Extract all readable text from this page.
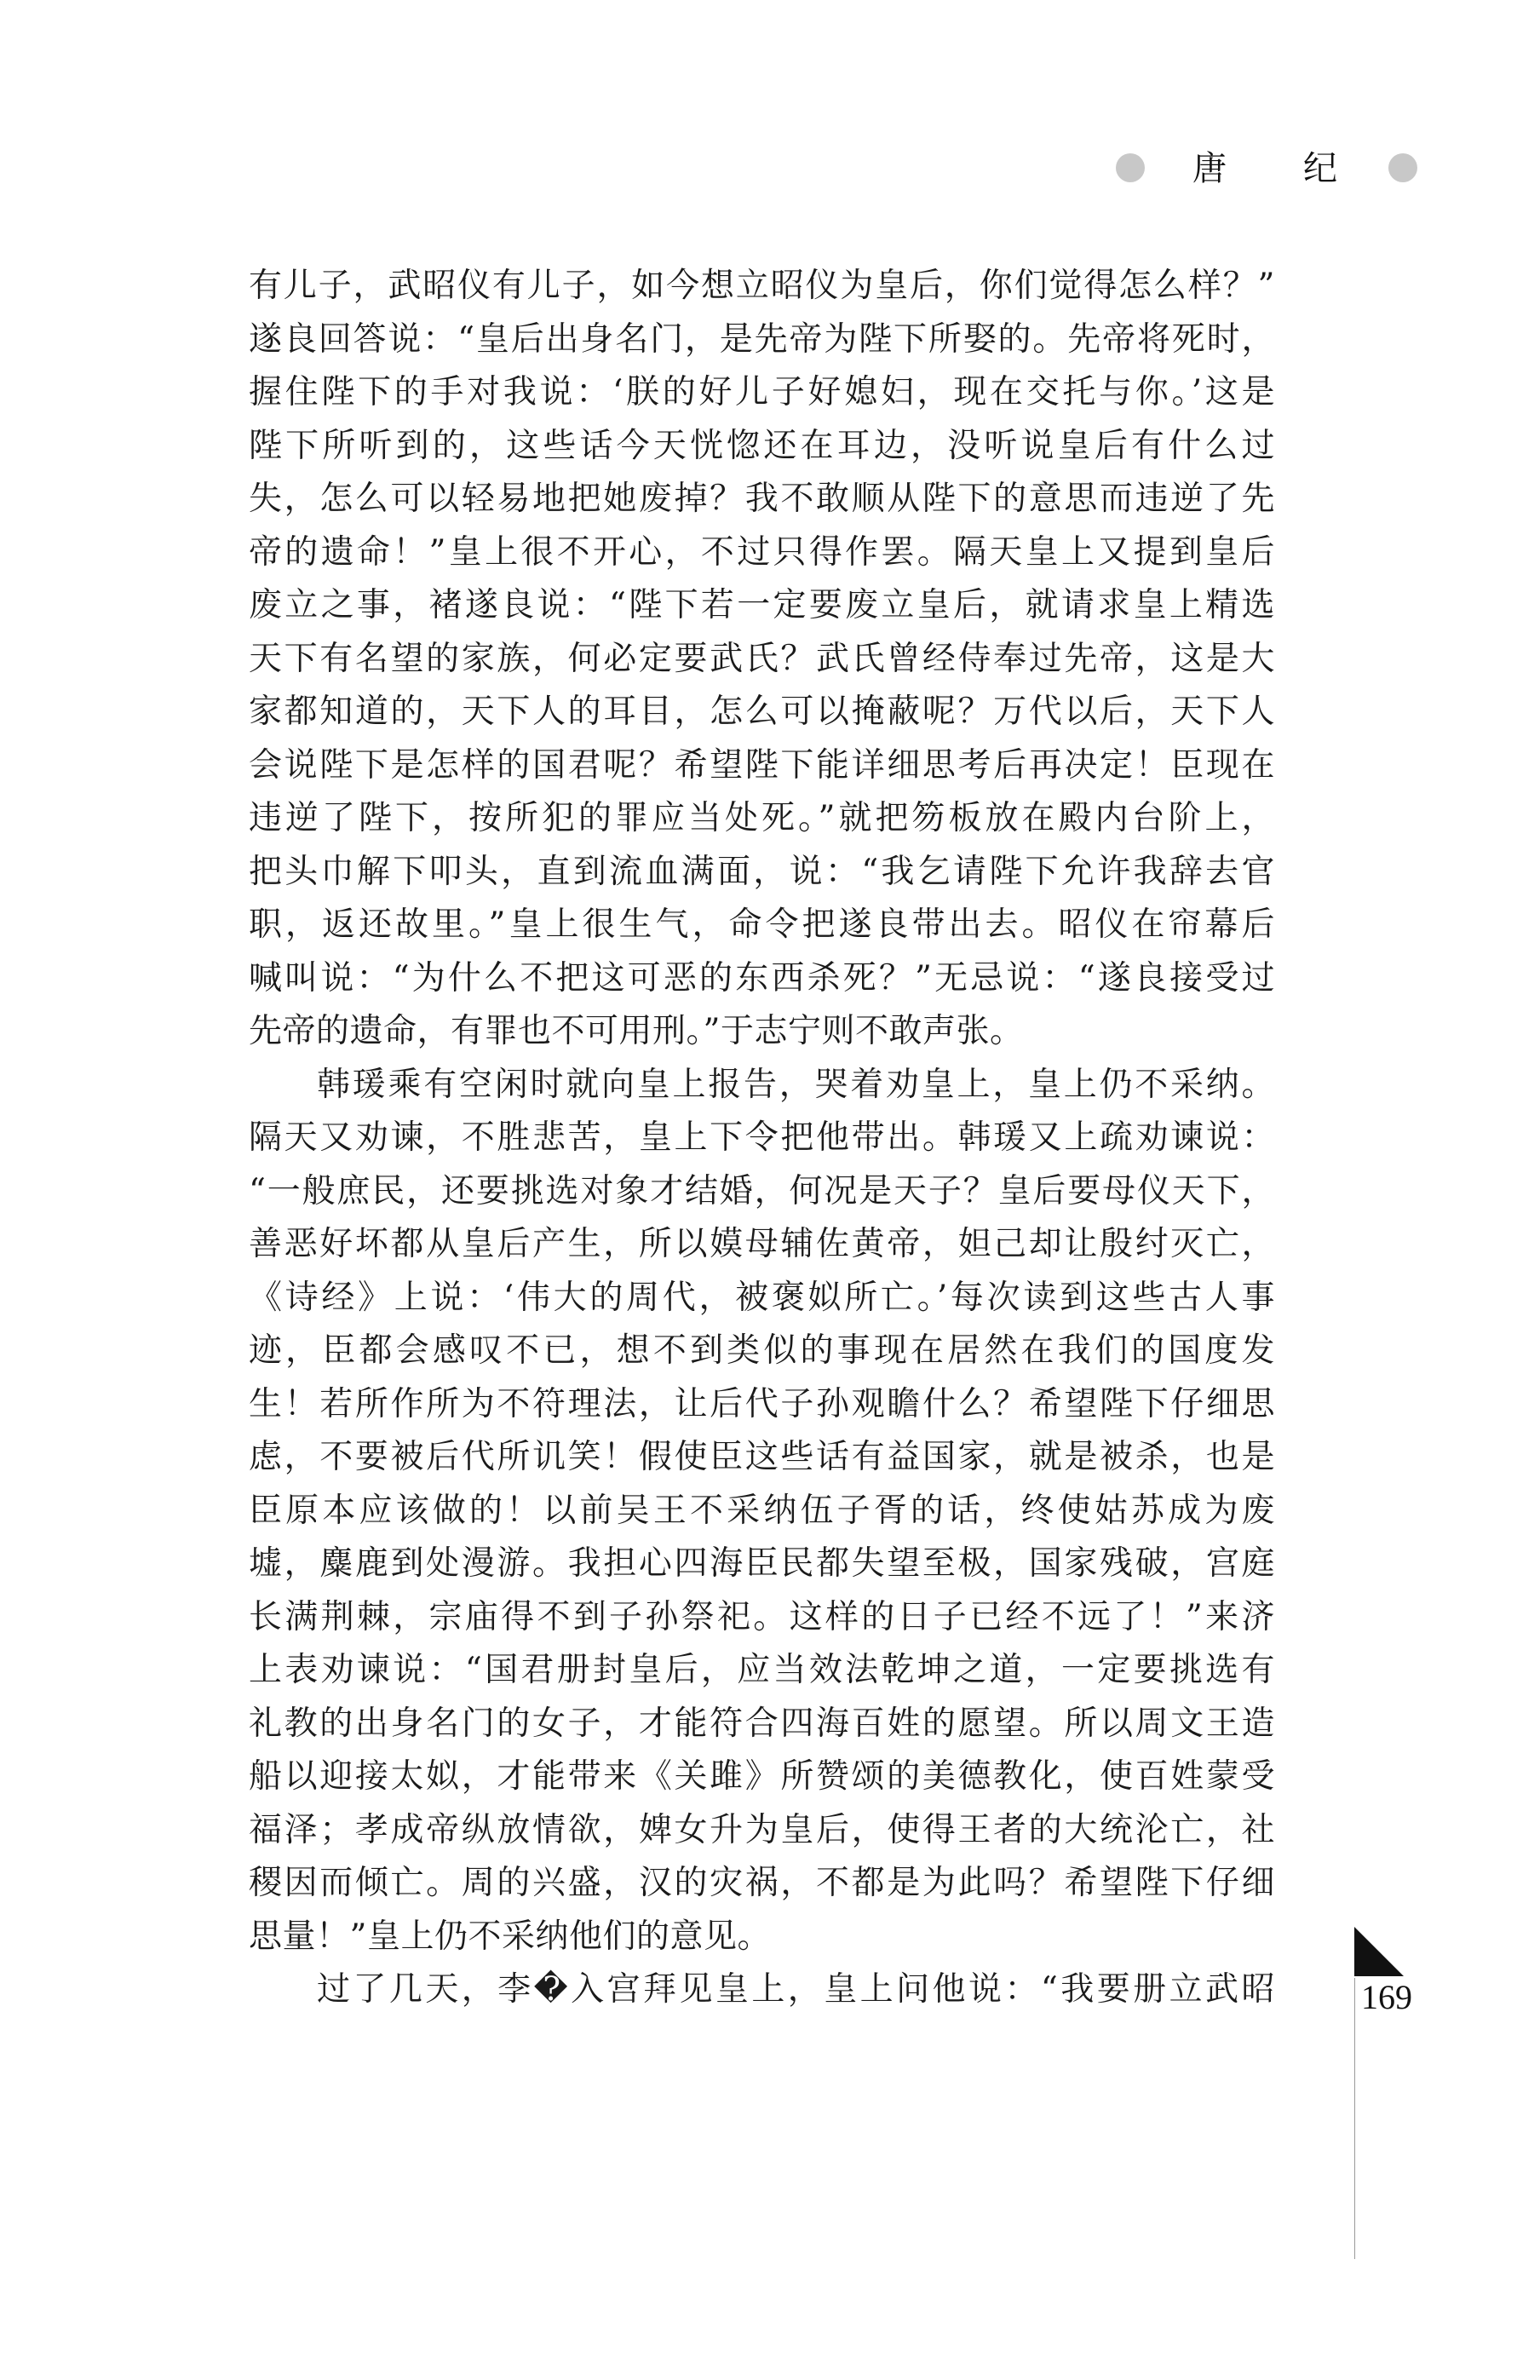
唐 纪
有儿子，武昭仪有儿子，如今想立昭仪为皇后，你们觉得怎么样？”
遂良回答说：“皇后出身名门，是先帝为陛下所娶的。先帝将死时，
握住陛下的手对我说：‘朕的好儿子好媳妇，现在交托与你。’这是
陛下所听到的，这些话今天恍惚还在耳边，没听说皇后有什么过
失，怎么可以轻易地把她废掉？我不敢顺从陛下的意思而违逆了先
帝的遗命！”皇上很不开心，不过只得作罢。隔天皇上又提到皇后
废立之事，褚遂良说：“陛下若一定要废立皇后，就请求皇上精选
天下有名望的家族，何必定要武氏？武氏曾经侍奉过先帝，这是大
家都知道的，天下人的耳目，怎么可以掩蔽呢？万代以后，天下人
会说陛下是怎样的国君呢？希望陛下能详细思考后再决定！臣现在
违逆了陛下，按所犯的罪应当处死。”就把笏板放在殿内台阶上，
把头巾解下叩头，直到流血满面，说：“我乞请陛下允许我辞去官
职，返还故里。”皇上很生气，命令把遂良带出去。昭仪在帘幕后
喊叫说：“为什么不把这可恶的东西杀死？”无忌说：“遂良接受过
先帝的遗命，有罪也不可用刑。”于志宁则不敢声张。
韩瑗乘有空闲时就向皇上报告，哭着劝皇上，皇上仍不采纳。
隔天又劝谏，不胜悲苦，皇上下令把他带出。韩瑗又上疏劝谏说：
“一般庶民，还要挑选对象才结婚，何况是天子？皇后要母仪天下，
善恶好坏都从皇后产生，所以嫫母辅佐黄帝，妲己却让殷纣灭亡，
《诗经》上说：‘伟大的周代，被褒姒所亡。’每次读到这些古人事
迹，臣都会感叹不已，想不到类似的事现在居然在我们的国度发
生！若所作所为不符理法，让后代子孙观瞻什么？希望陛下仔细思
虑，不要被后代所讥笑！假使臣这些话有益国家，就是被杀，也是
臣原本应该做的！以前吴王不采纳伍子胥的话，终使姑苏成为废
墟，麋鹿到处漫游。我担心四海臣民都失望至极，国家残破，宫庭
长满荆棘，宗庙得不到子孙祭祀。这样的日子已经不远了！”来济
上表劝谏说：“国君册封皇后，应当效法乾坤之道，一定要挑选有
礼教的出身名门的女子，才能符合四海百姓的愿望。所以周文王造
船以迎接太姒，才能带来《关雎》所赞颂的美德教化，使百姓蒙受
福泽；孝成帝纵放情欲，婢女升为皇后，使得王者的大统沦亡，社
稷因而倾亡。周的兴盛，汉的灾祸，不都是为此吗？希望陛下仔细
思量！”皇上仍不采纳他们的意见。
过了几天，李�入宫拜见皇上，皇上问他说：“我要册立武昭	169
